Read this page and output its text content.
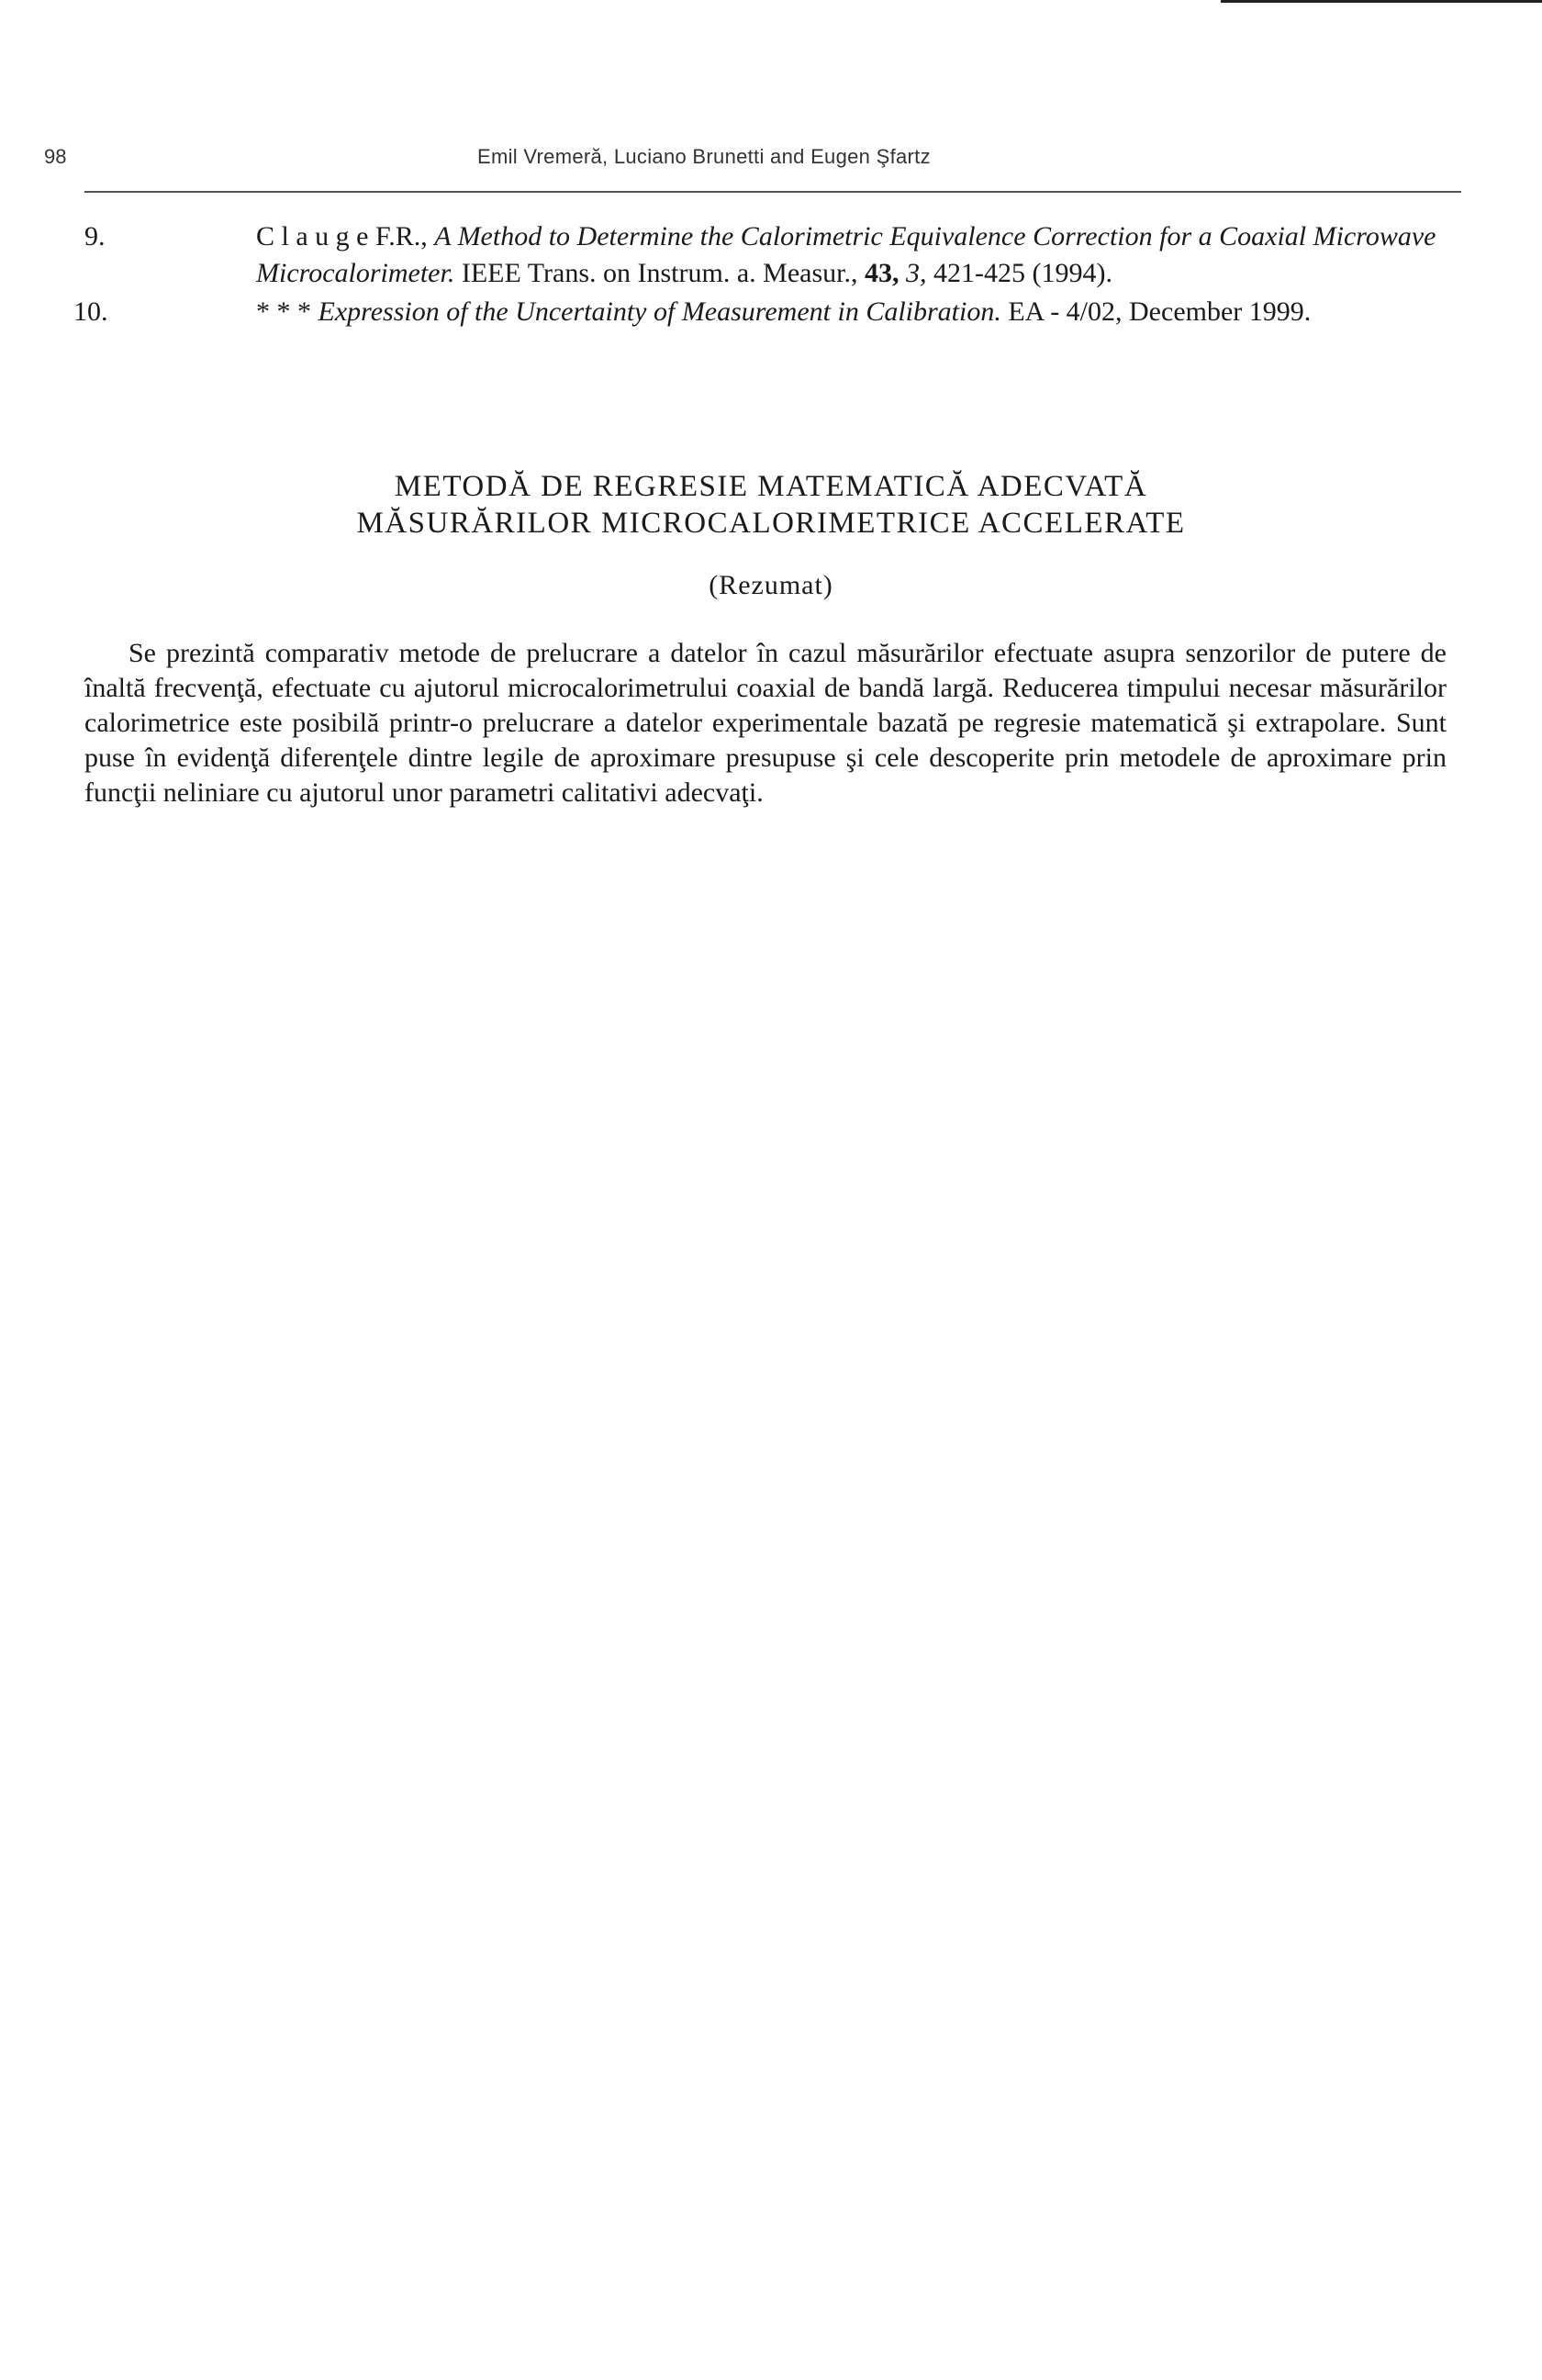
98	Emil Vremeră, Luciano Brunetti and Eugen Şfartz
9.	C l a u g e F.R., A Method to Determine the Calorimetric Equivalence Correction for a Coaxial Microwave Microcalorimeter. IEEE Trans. on Instrum. a. Measur., 43, 3, 421-425 (1994).
10.	* * * Expression of the Uncertainty of Measurement in Calibration. EA - 4/02, December 1999.
METODĂ DE REGRESIE MATEMATICĂ ADECVATĂ
MĂSURĂRILOR MICROCALORIMETRICE ACCELERATE
(Rezumat)

Se prezintă comparativ metode de prelucrare a datelor în cazul măsurărilor efectuate asupra senzorilor de putere de înaltă frecvenţă, efectuate cu ajutorul microcalorimetrului coaxial de bandă largă. Reducerea timpului necesar măsurărilor calorimetrice este posibilă printr-o prelucrare a datelor experimentale bazată pe regresie matematică şi extrapolare. Sunt puse în evidenţă diferenţele dintre legile de aproximare presupuse şi cele descoperite prin metodele de aproximare prin funcţii neliniare cu ajutorul unor parametri calitativi adecvaţi.
